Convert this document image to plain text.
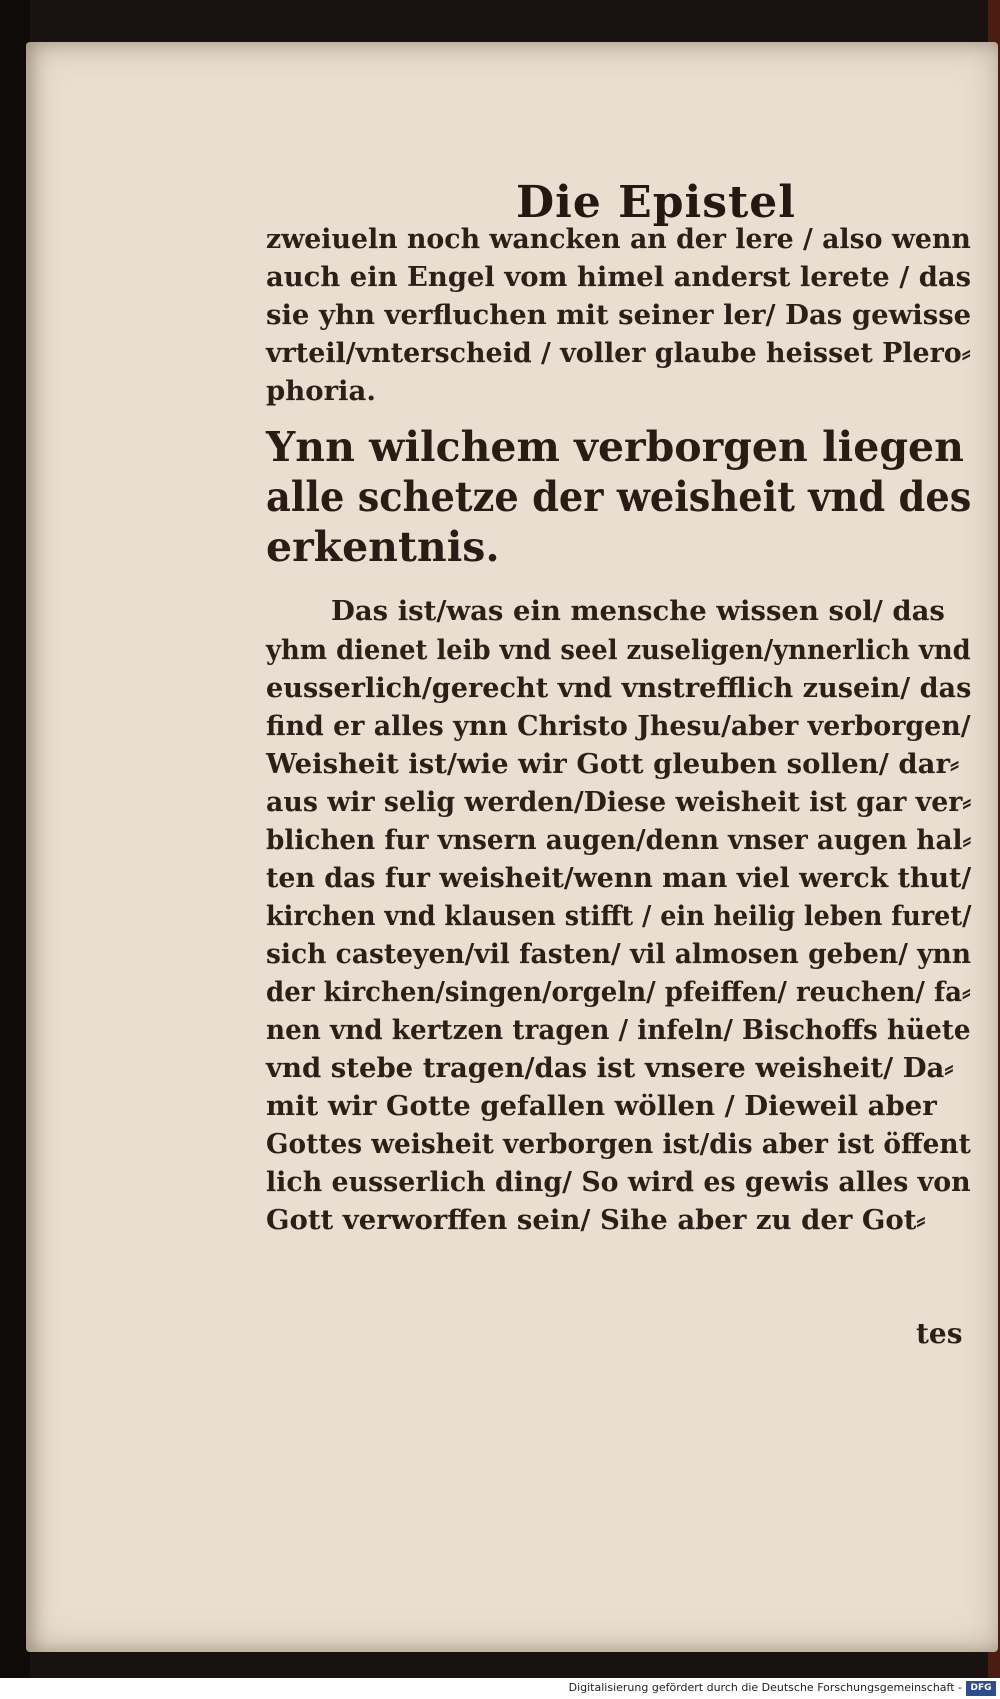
Die Epistel
zweiueln noch wancken an der lere / also wenn
auch ein Engel vom himel anderst lerete / das
sie yhn verfluchen mit seiner ler/ Das gewisse
vrteil/vnterscheid / voller glaube heisset Plero⸗
phoria.
Ynn wilchem verborgen liegen
alle schetze der weisheit vnd des
erkentnis.
Das ist/was ein mensche wissen sol/ das
yhm dienet leib vnd seel zuseligen/ynnerlich vnd
eusserlich/gerecht vnd vnstrefflich zusein/ das
find er alles ynn Christo Jhesu/aber verborgen/
Weisheit ist/wie wir Gott gleuben sollen/ dar⸗
aus wir selig werden/Diese weisheit ist gar ver⸗
blichen fur vnsern augen/denn vnser augen hal⸗
ten das fur weisheit/wenn man viel werck thut/
kirchen vnd klausen stifft / ein heilig leben furet/
sich casteyen/vil fasten/ vil almosen geben/ ynn
der kirchen/singen/orgeln/ pfeiffen/ reuchen/ fa⸗
nen vnd kertzen tragen / infeln/ Bischoffs hüete
vnd stebe tragen/das ist vnsere weisheit/ Da⸗
mit wir Gotte gefallen wöllen / Dieweil aber
Gottes weisheit verborgen ist/dis aber ist öffent
lich eusserlich ding/ So wird es gewis alles von
Gott verworffen sein/ Sihe aber zu der Got⸗
tes
Digitalisierung gefördert durch die Deutsche Forschungsgemeinschaft - DFG
